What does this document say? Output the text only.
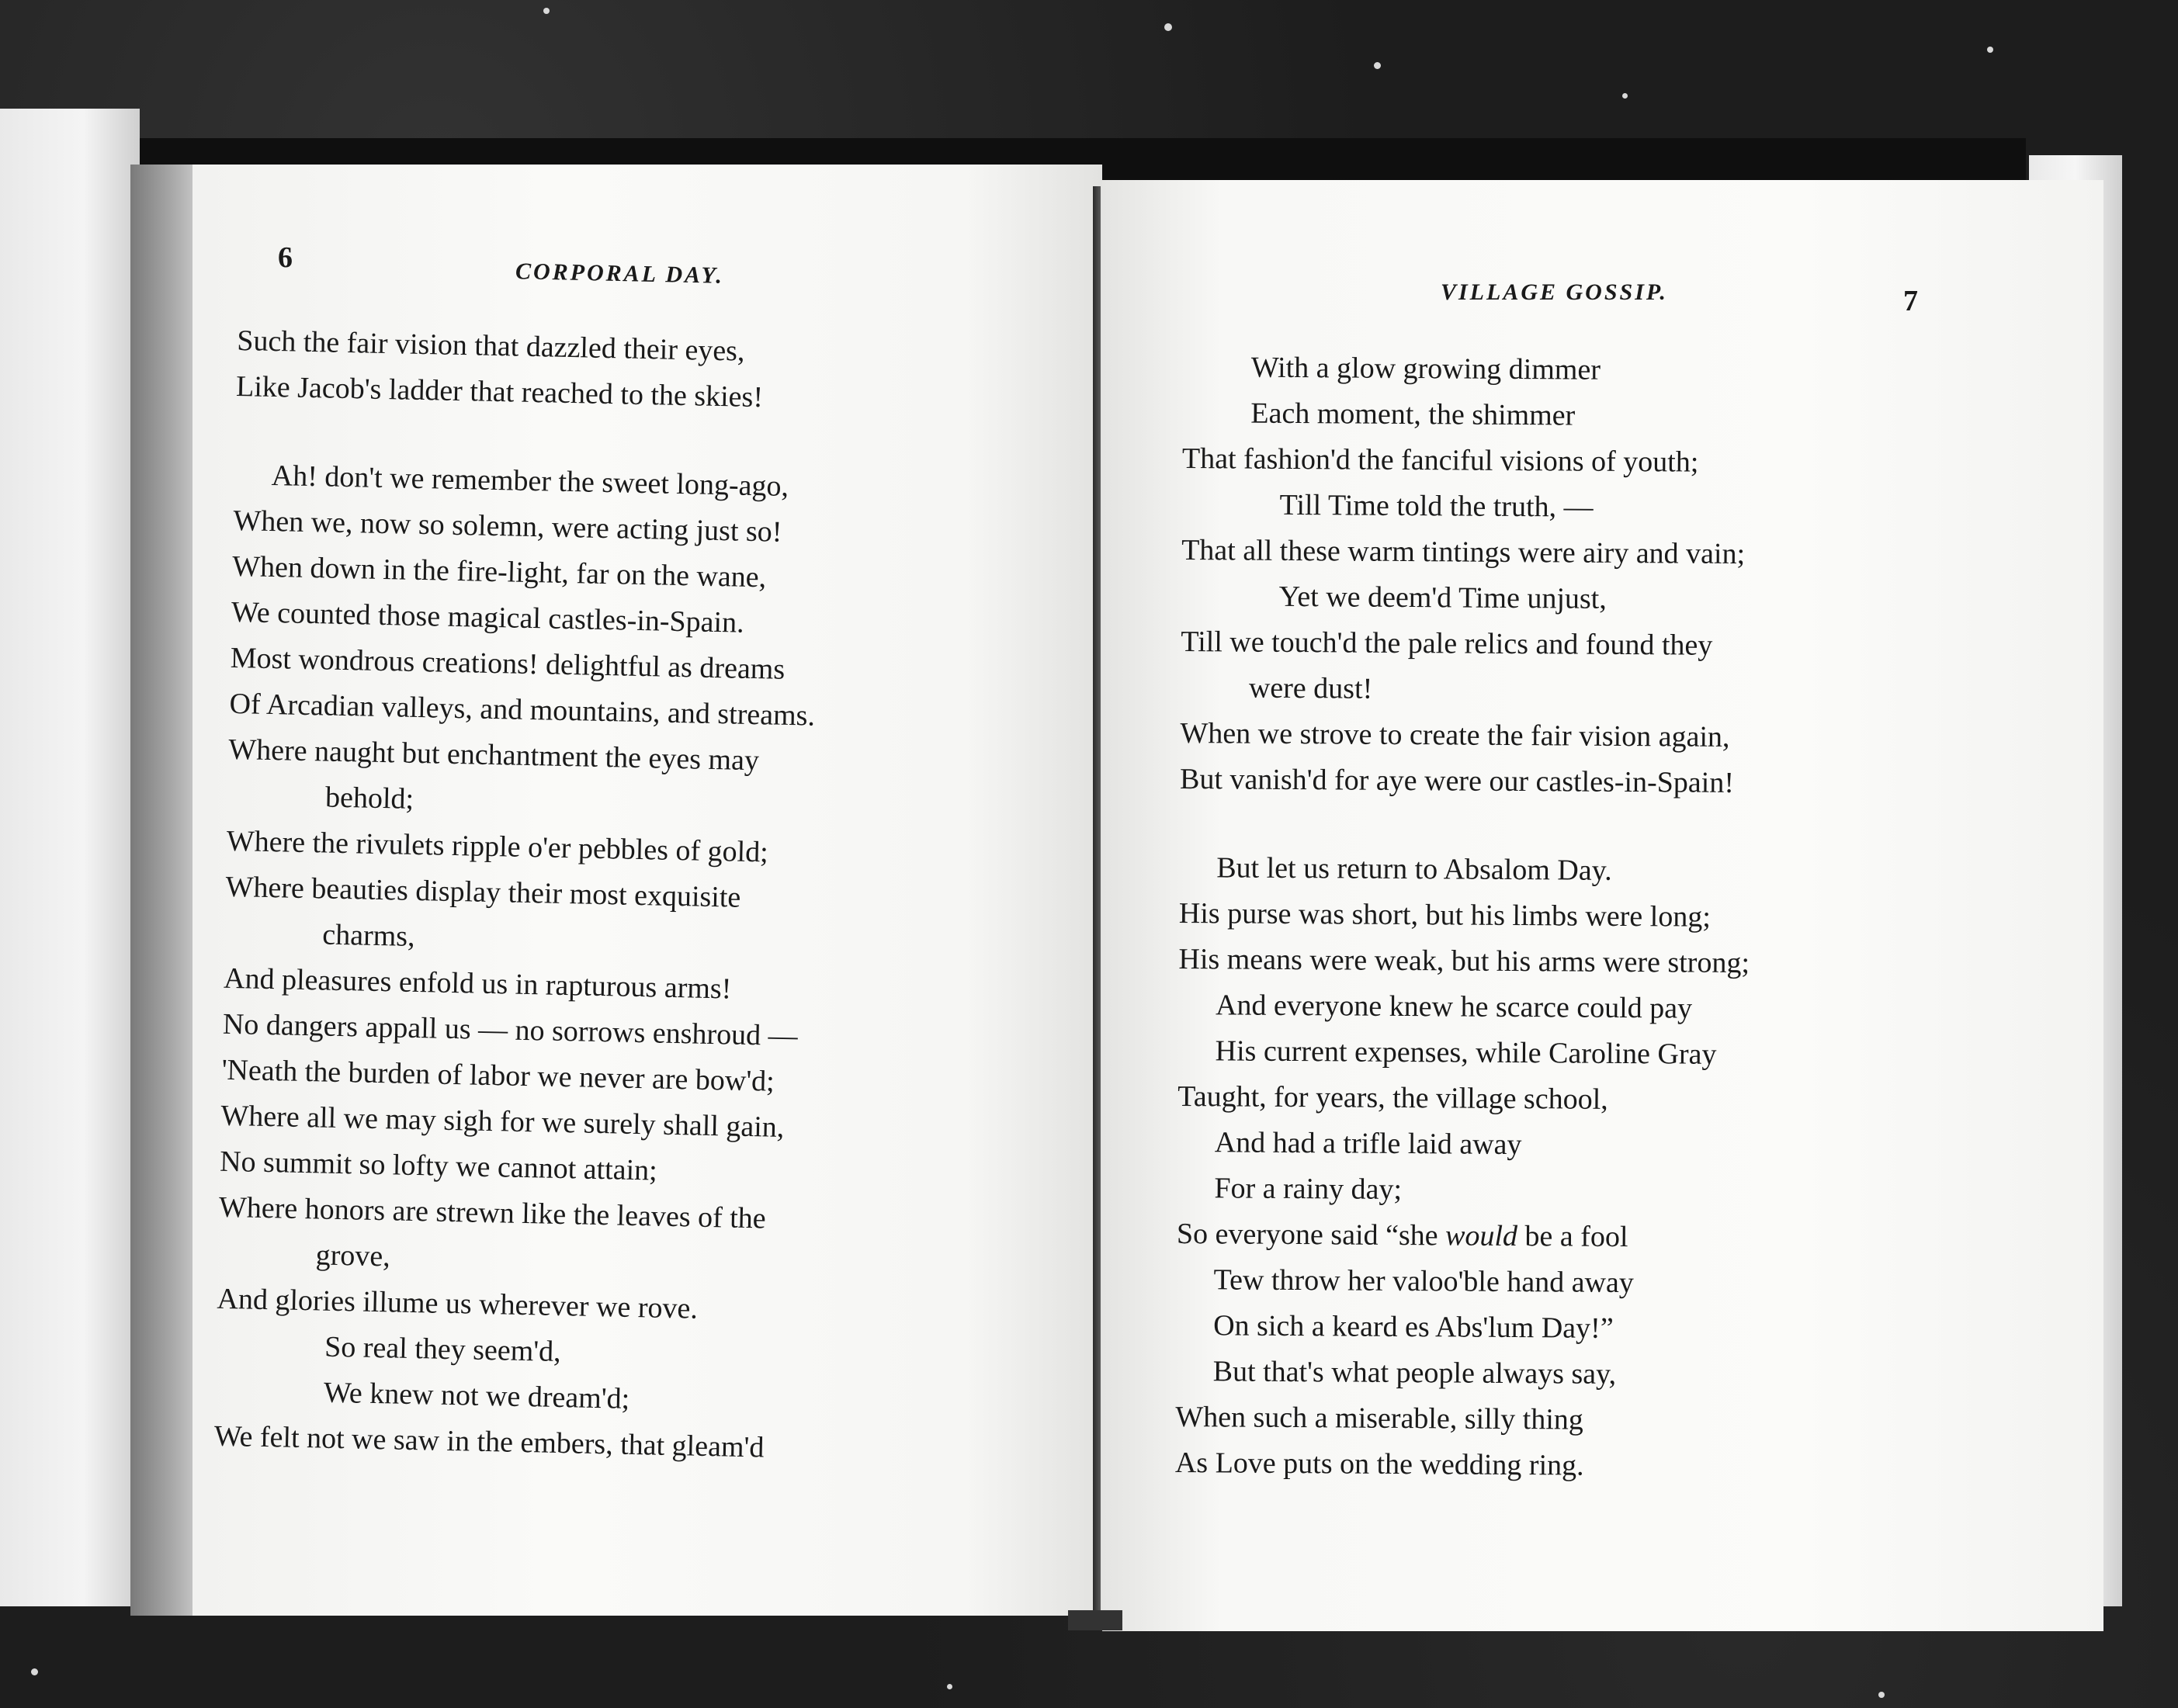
6	CORPORAL DAY.
VILLAGE GOSSIP.	7
Such the fair vision that dazzled their eyes,
Like Jacob's ladder that reached to the skies!
Ah! don't we remember the sweet long-ago,
When we, now so solemn, were acting just so!
When down in the fire-light, far on the wane,
We counted those magical castles-in-Spain.
Most wondrous creations! delightful as dreams
Of Arcadian valleys, and mountains, and streams.
Where naught but enchantment the eyes may
behold;
Where the rivulets ripple o'er pebbles of gold;
Where beauties display their most exquisite
charms,
And pleasures enfold us in rapturous arms!
No dangers appall us — no sorrows enshroud —
'Neath the burden of labor we never are bow'd;
Where all we may sigh for we surely shall gain,
No summit so lofty we cannot attain;
Where honors are strewn like the leaves of the
grove,
And glories illume us wherever we rove.
So real they seem'd,
We knew not we dream'd;
We felt not we saw in the embers, that gleam'd
With a glow growing dimmer
Each moment, the shimmer
That fashion'd the fanciful visions of youth;
Till Time told the truth, —
That all these warm tintings were airy and vain;
Yet we deem'd Time unjust,
Till we touch'd the pale relics and found they
were dust!
When we strove to create the fair vision again,
But vanish'd for aye were our castles-in-Spain!
But let us return to Absalom Day.
His purse was short, but his limbs were long;
His means were weak, but his arms were strong;
And everyone knew he scarce could pay
His current expenses, while Caroline Gray
Taught, for years, the village school,
And had a trifle laid away
For a rainy day;
So everyone said “she would be a fool
Tew throw her valoo'ble hand away
On sich a keard es Abs'lum Day!”
But that's what people always say,
When such a miserable, silly thing
As Love puts on the wedding ring.
